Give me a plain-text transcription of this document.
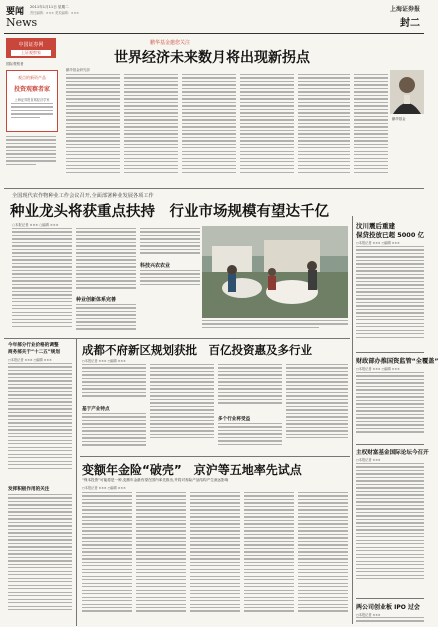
要闻 2011年1月11日 星期二
责任编辑：××× 美术编辑：×××
News
上海证券报
封二
中国证券网
上证观察家
国际观察者
观点的新资产品
投资观察者家
上海证券报首席经济学家
鹏华基金邀您关注
世界经济未来数月将出现新拐点
鹏华基金研究部
鹏华基金
全国现代农作物种业工作会议召开,全面部署种业发展各项工作
种业龙头将获重点扶持　行业市场规模有望达千亿
○本报记者 ××× ○编辑 ×××
种业创新体系完善
科技兴农农业
汶川震后重建
保贷投放已超 5000 亿
○本报记者 ××× ○编辑 ×××
财政部办推国资监管“全覆盖”
○本报记者 ××× ○编辑 ×××
主权财富基金国际论坛今召开
○本报记者 ×××
两公司创业板 IPO 过会
○本报记者 ×××
今年部分行业价格的调整
商务部关于“十二五”规划
○本报记者 ××× ○编辑 ×××
发挥积极作用的关注
成都不府新区规划获批　百亿投资惠及多行业
○本报记者 ××× ○编辑 ×××
基于产业特点
多个行业将受益
变额年金险“破壳”　京沪等五地率先试点
“保本投资”可能将是一种,变额年金最有望在国内率先推出,并将对寿险产品结构产生深远影响
○本报记者 ××× ○编辑 ×××
